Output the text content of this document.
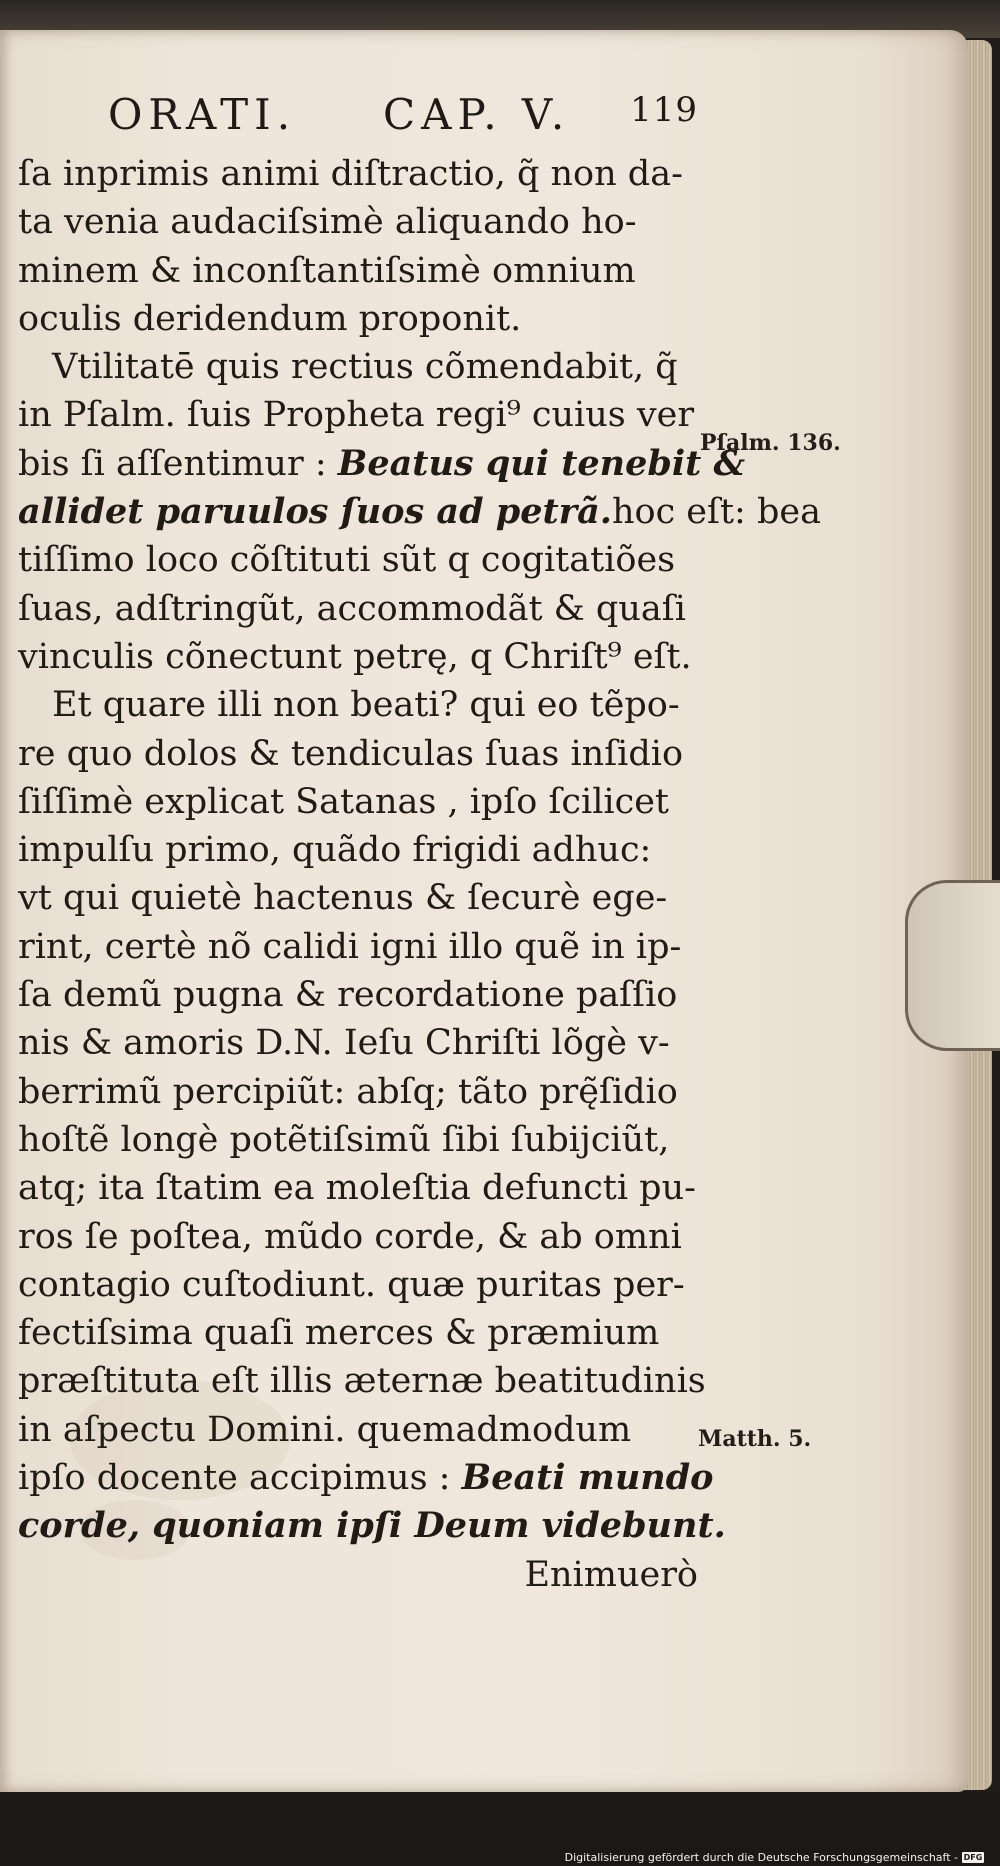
ORATI. CAP. V. 119
ſa inprimis animi diſtractio, q̃ non da-
ta venia audaciſsimè aliquando ho-
minem & inconſtantiſsimè omnium
oculis deridendum proponit.
Vtilitatē quis rectius cõmendabit, q̃
in Pſalm. ſuis Propheta regi⁹ cuius ver
bis ſi aſſentimur : Beatus qui tenebit &
allidet paruulos ſuos ad petrã.hoc eſt: bea
tiſſimo loco cõſtituti sũt q cogitatiões
ſuas, adſtringũt, accommodãt & quaſi
vinculis cõnectunt petrę, q Chriſt⁹ eſt.
Et quare illi non beati? qui eo tẽpo-
re quo dolos & tendiculas ſuas inſidio
ſiſſimè explicat Satanas , ipſo ſcilicet
impulſu primo, quãdo frigidi adhuc:
vt qui quietè hactenus & ſecurè ege-
rint, certè nõ calidi igni illo quẽ in ip-
ſa demũ pugna & recordatione paſſio
nis & amoris D.N. Ieſu Chriſti lõgè v-
berrimũ percipiũt: abſq; tãto prę̃ſidio
hoſtẽ longè potẽtiſsimũ ſibi ſubijciũt,
atq; ita ſtatim ea moleſtia defuncti pu-
ros ſe poſtea, mũdo corde, & ab omni
contagio cuſtodiunt. quæ puritas per-
fectiſsima quaſi merces & præmium
præſtituta eſt illis æternæ beatitudinis
in aſpectu Domini. quemadmodum
ipſo docente accipimus : Beati mundo
corde, quoniam ipſi Deum videbunt.
Enimuerò
Pſalm. 136.
Matth. 5.
Digitalisierung gefördert durch die Deutsche Forschungsgemeinschaft - DFG
